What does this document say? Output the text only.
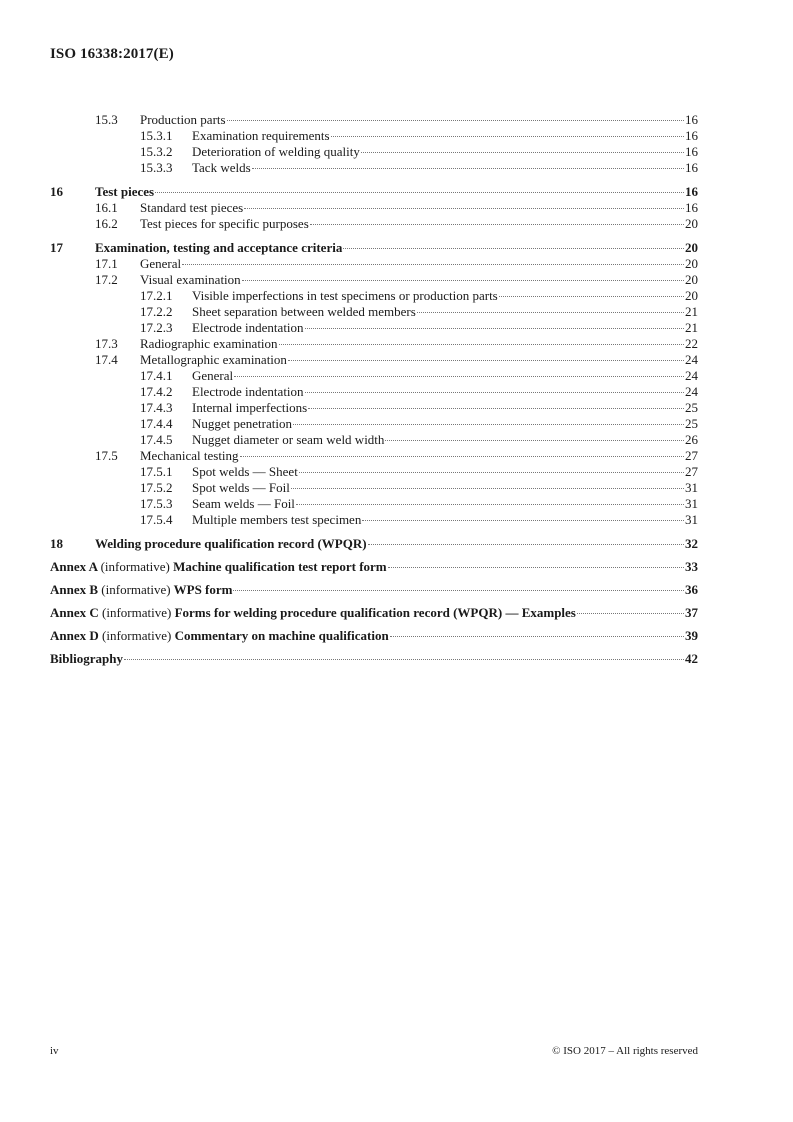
ISO 16338:2017(E)
15.3	Production parts	16
15.3.1	Examination requirements	16
15.3.2	Deterioration of welding quality	16
15.3.3	Tack welds	16
16	Test pieces	16
16.1	Standard test pieces	16
16.2	Test pieces for specific purposes	20
17	Examination, testing and acceptance criteria	20
17.1	General	20
17.2	Visual examination	20
17.2.1	Visible imperfections in test specimens or production parts	20
17.2.2	Sheet separation between welded members	21
17.2.3	Electrode indentation	21
17.3	Radiographic examination	22
17.4	Metallographic examination	24
17.4.1	General	24
17.4.2	Electrode indentation	24
17.4.3	Internal imperfections	25
17.4.4	Nugget penetration	25
17.4.5	Nugget diameter or seam weld width	26
17.5	Mechanical testing	27
17.5.1	Spot welds — Sheet	27
17.5.2	Spot welds — Foil	31
17.5.3	Seam welds — Foil	31
17.5.4	Multiple members test specimen	31
18	Welding procedure qualification record (WPQR)	32
Annex A (informative) Machine qualification test report form	33
Annex B (informative) WPS form	36
Annex C (informative) Forms for welding procedure qualification record (WPQR) — Examples	37
Annex D (informative) Commentary on machine qualification	39
Bibliography	42
iv	© ISO 2017 – All rights reserved
